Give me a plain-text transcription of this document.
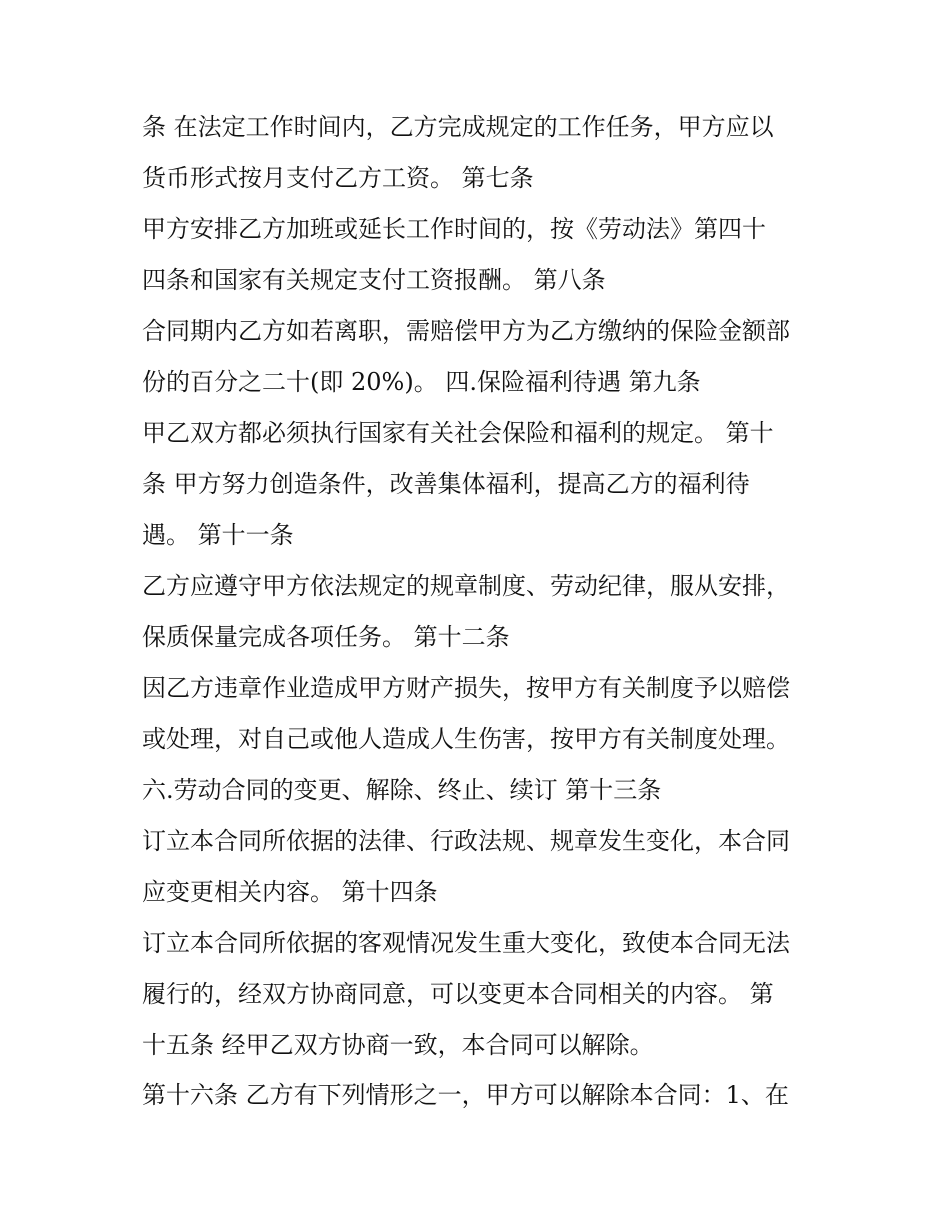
条 在法定工作时间内，乙方完成规定的工作任务，甲方应以
货币形式按月支付乙方工资。 第七条
甲方安排乙方加班或延长工作时间的，按《劳动法》第四十
四条和国家有关规定支付工资报酬。 第八条
合同期内乙方如若离职，需赔偿甲方为乙方缴纳的保险金额部
份的百分之二十(即 20%)。 四.保险福利待遇 第九条
甲乙双方都必须执行国家有关社会保险和福利的规定。 第十
条 甲方努力创造条件，改善集体福利，提高乙方的福利待
遇。 第十一条
乙方应遵守甲方依法规定的规章制度、劳动纪律，服从安排，
保质保量完成各项任务。 第十二条
因乙方违章作业造成甲方财产损失，按甲方有关制度予以赔偿
或处理，对自己或他人造成人生伤害，按甲方有关制度处理。
六.劳动合同的变更、解除、终止、续订 第十三条
订立本合同所依据的法律、行政法规、规章发生变化，本合同
应变更相关内容。 第十四条
订立本合同所依据的客观情况发生重大变化，致使本合同无法
履行的，经双方协商同意，可以变更本合同相关的内容。 第
十五条 经甲乙双方协商一致，本合同可以解除。
第十六条 乙方有下列情形之一，甲方可以解除本合同：1、在
